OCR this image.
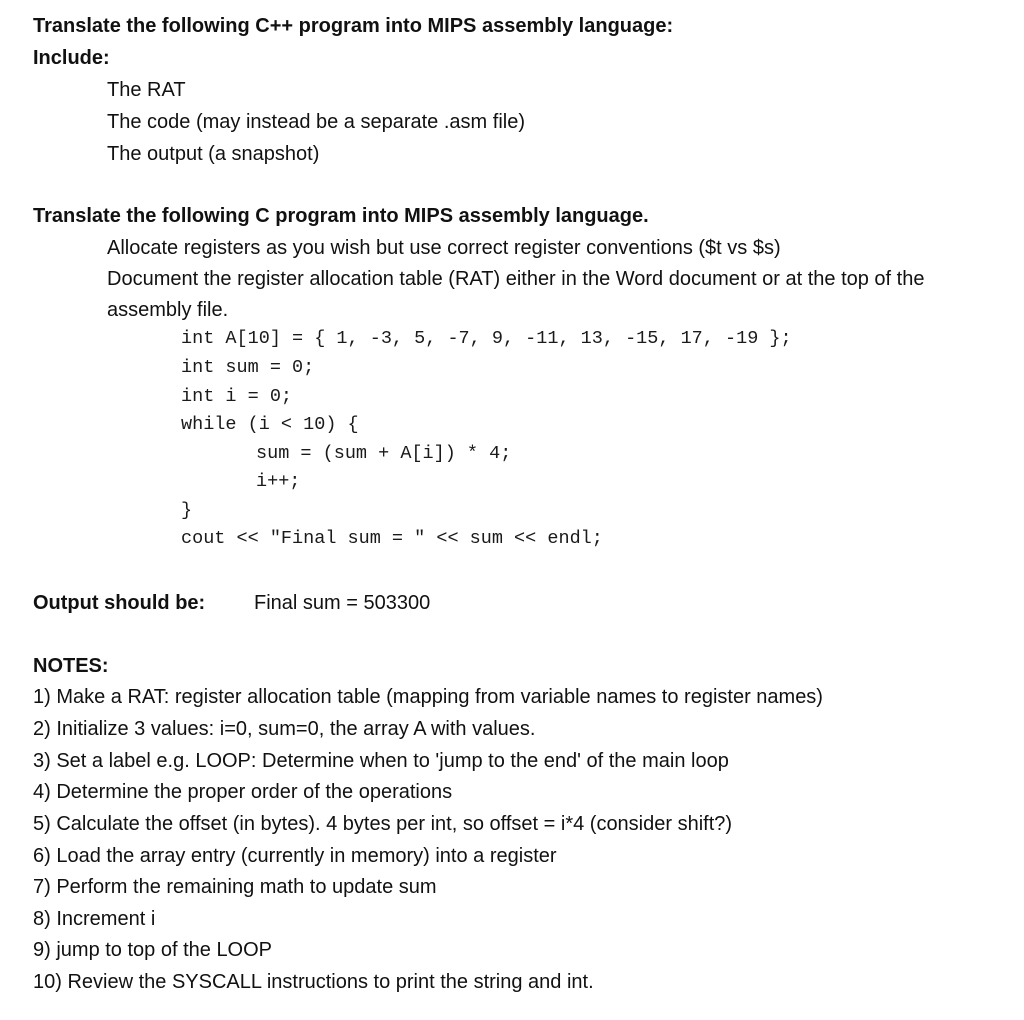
Translate the following C++ program into MIPS assembly language:
Include:
The RAT
The code (may instead be a separate .asm file)
The output (a snapshot)
Translate the following C program into MIPS assembly language.
Allocate registers as you wish but use correct register conventions ($t vs $s)
Document the register allocation table (RAT) either in the Word document or at the top of the
assembly file.
int A[10] = { 1, -3, 5, -7, 9, -11, 13, -15, 17, -19 };
int sum = 0;
int i = 0;
while (i < 10) {
sum = (sum + A[i]) * 4;
i++;
}
cout << "Final sum = " << sum << endl;
Output should be: Final sum = 503300
NOTES:
1) Make a RAT: register allocation table (mapping from variable names to register names)
2) Initialize 3 values: i=0, sum=0, the array A with values.
3) Set a label e.g. LOOP: Determine when to 'jump to the end' of the main loop
4) Determine the proper order of the operations
5) Calculate the offset (in bytes). 4 bytes per int, so offset = i*4 (consider shift?)
6) Load the array entry (currently in memory) into a register
7) Perform the remaining math to update sum
8) Increment i
9) jump to top of the LOOP
10) Review the SYSCALL instructions to print the string and int.
